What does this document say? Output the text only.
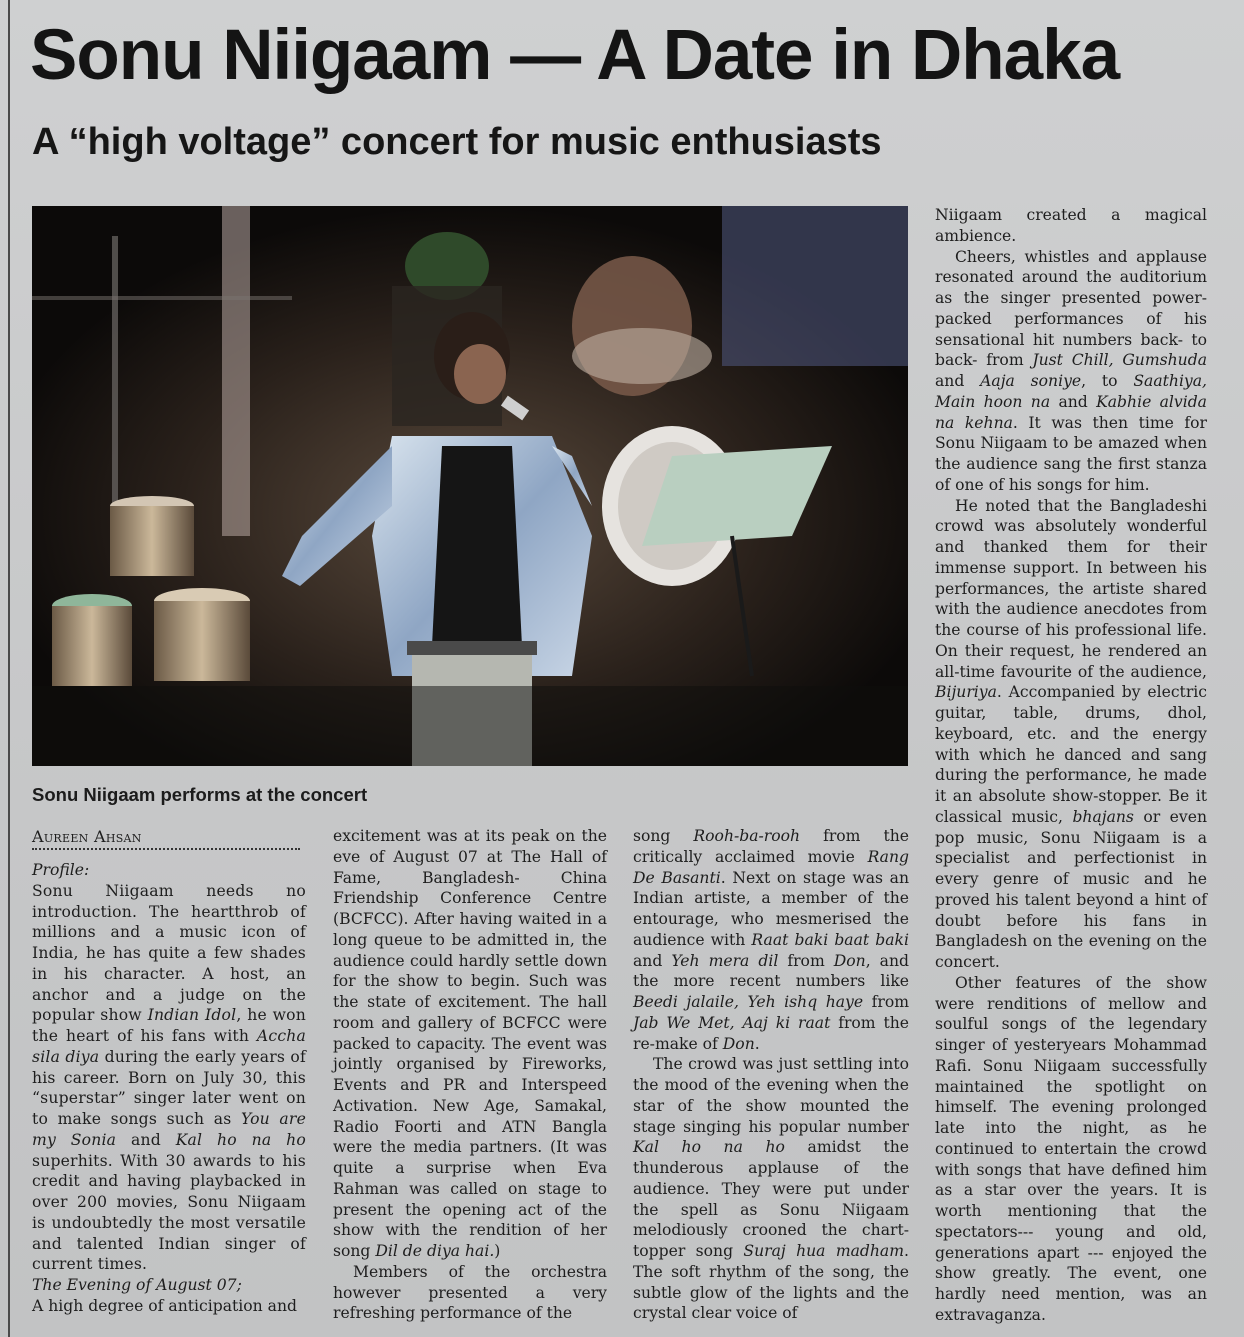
Sonu Niigaam — A Date in Dhaka
A “high voltage” concert for music enthusiasts
Sonu Niigaam performs at the concert

Aureen Ahsan

Profile:

Sonu Niigaam needs no introduction. The heartthrob of millions and a music icon of India, he has quite a few shades in his character. A host, an anchor and a judge on the popular show Indian Idol, he won the heart of his fans with Accha sila diya during the early years of his career. Born on July 30, this “superstar” singer later went on to make songs such as You are my Sonia and Kal ho na ho superhits. With 30 awards to his credit and having playbacked in over 200 movies, Sonu Niigaam is undoubtedly the most versatile and talented Indian singer of current times.

The Evening of August 07;

A high degree of anticipation and

excitement was at its peak on the eve of August 07 at The Hall of Fame, Bangladesh- China Friendship Conference Centre (BCFCC). After having waited in a long queue to be admitted in, the audience could hardly settle down for the show to begin. Such was the state of excitement. The hall room and gallery of BCFCC were packed to capacity. The event was jointly organised by Fireworks, Events and PR and Interspeed Activation. New Age, Samakal, Radio Foorti and ATN Bangla were the media partners. (It was quite a surprise when Eva Rahman was called on stage to present the opening act of the show with the rendition of her song Dil de diya hai.)

Members of the orchestra however presented a very refreshing performance of the

song Rooh-ba-rooh from the critically acclaimed movie Rang De Basanti. Next on stage was an Indian artiste, a member of the entourage, who mesmerised the audience with Raat baki baat baki and Yeh mera dil from Don, and the more recent numbers like Beedi jalaile, Yeh ishq haye from Jab We Met, Aaj ki raat from the re-make of Don.

The crowd was just settling into the mood of the evening when the star of the show mounted the stage singing his popular number Kal ho na ho amidst the thunderous applause of the audience. They were put under the spell as Sonu Niigaam melodiously crooned the chart-topper song Suraj hua madham. The soft rhythm of the song, the subtle glow of the lights and the crystal clear voice of

Niigaam created a magical ambience.

Cheers, whistles and applause resonated around the auditorium as the singer presented power-packed performances of his sensational hit numbers back- to back- from Just Chill, Gumshuda and Aaja soniye, to Saathiya, Main hoon na and Kabhie alvida na kehna. It was then time for Sonu Niigaam to be amazed when the audience sang the first stanza of one of his songs for him.

He noted that the Bangladeshi crowd was absolutely wonderful and thanked them for their immense support. In between his performances, the artiste shared with the audience anecdotes from the course of his professional life. On their request, he rendered an all-time favourite of the audience, Bijuriya. Accompanied by electric guitar, table, drums, dhol, keyboard, etc. and the energy with which he danced and sang during the performance, he made it an absolute show-stopper. Be it classical music, bhajans or even pop music, Sonu Niigaam is a specialist and perfectionist in every genre of music and he proved his talent beyond a hint of doubt before his fans in Bangladesh on the evening on the concert.

Other features of the show were renditions of mellow and soulful songs of the legendary singer of yesteryears Mohammad Rafi. Sonu Niigaam successfully maintained the spotlight on himself. The evening prolonged late into the night, as he continued to entertain the crowd with songs that have defined him as a star over the years. It is worth mentioning that the spectators--- young and old, generations apart --- enjoyed the show greatly. The event, one hardly need mention, was an extravaganza.
